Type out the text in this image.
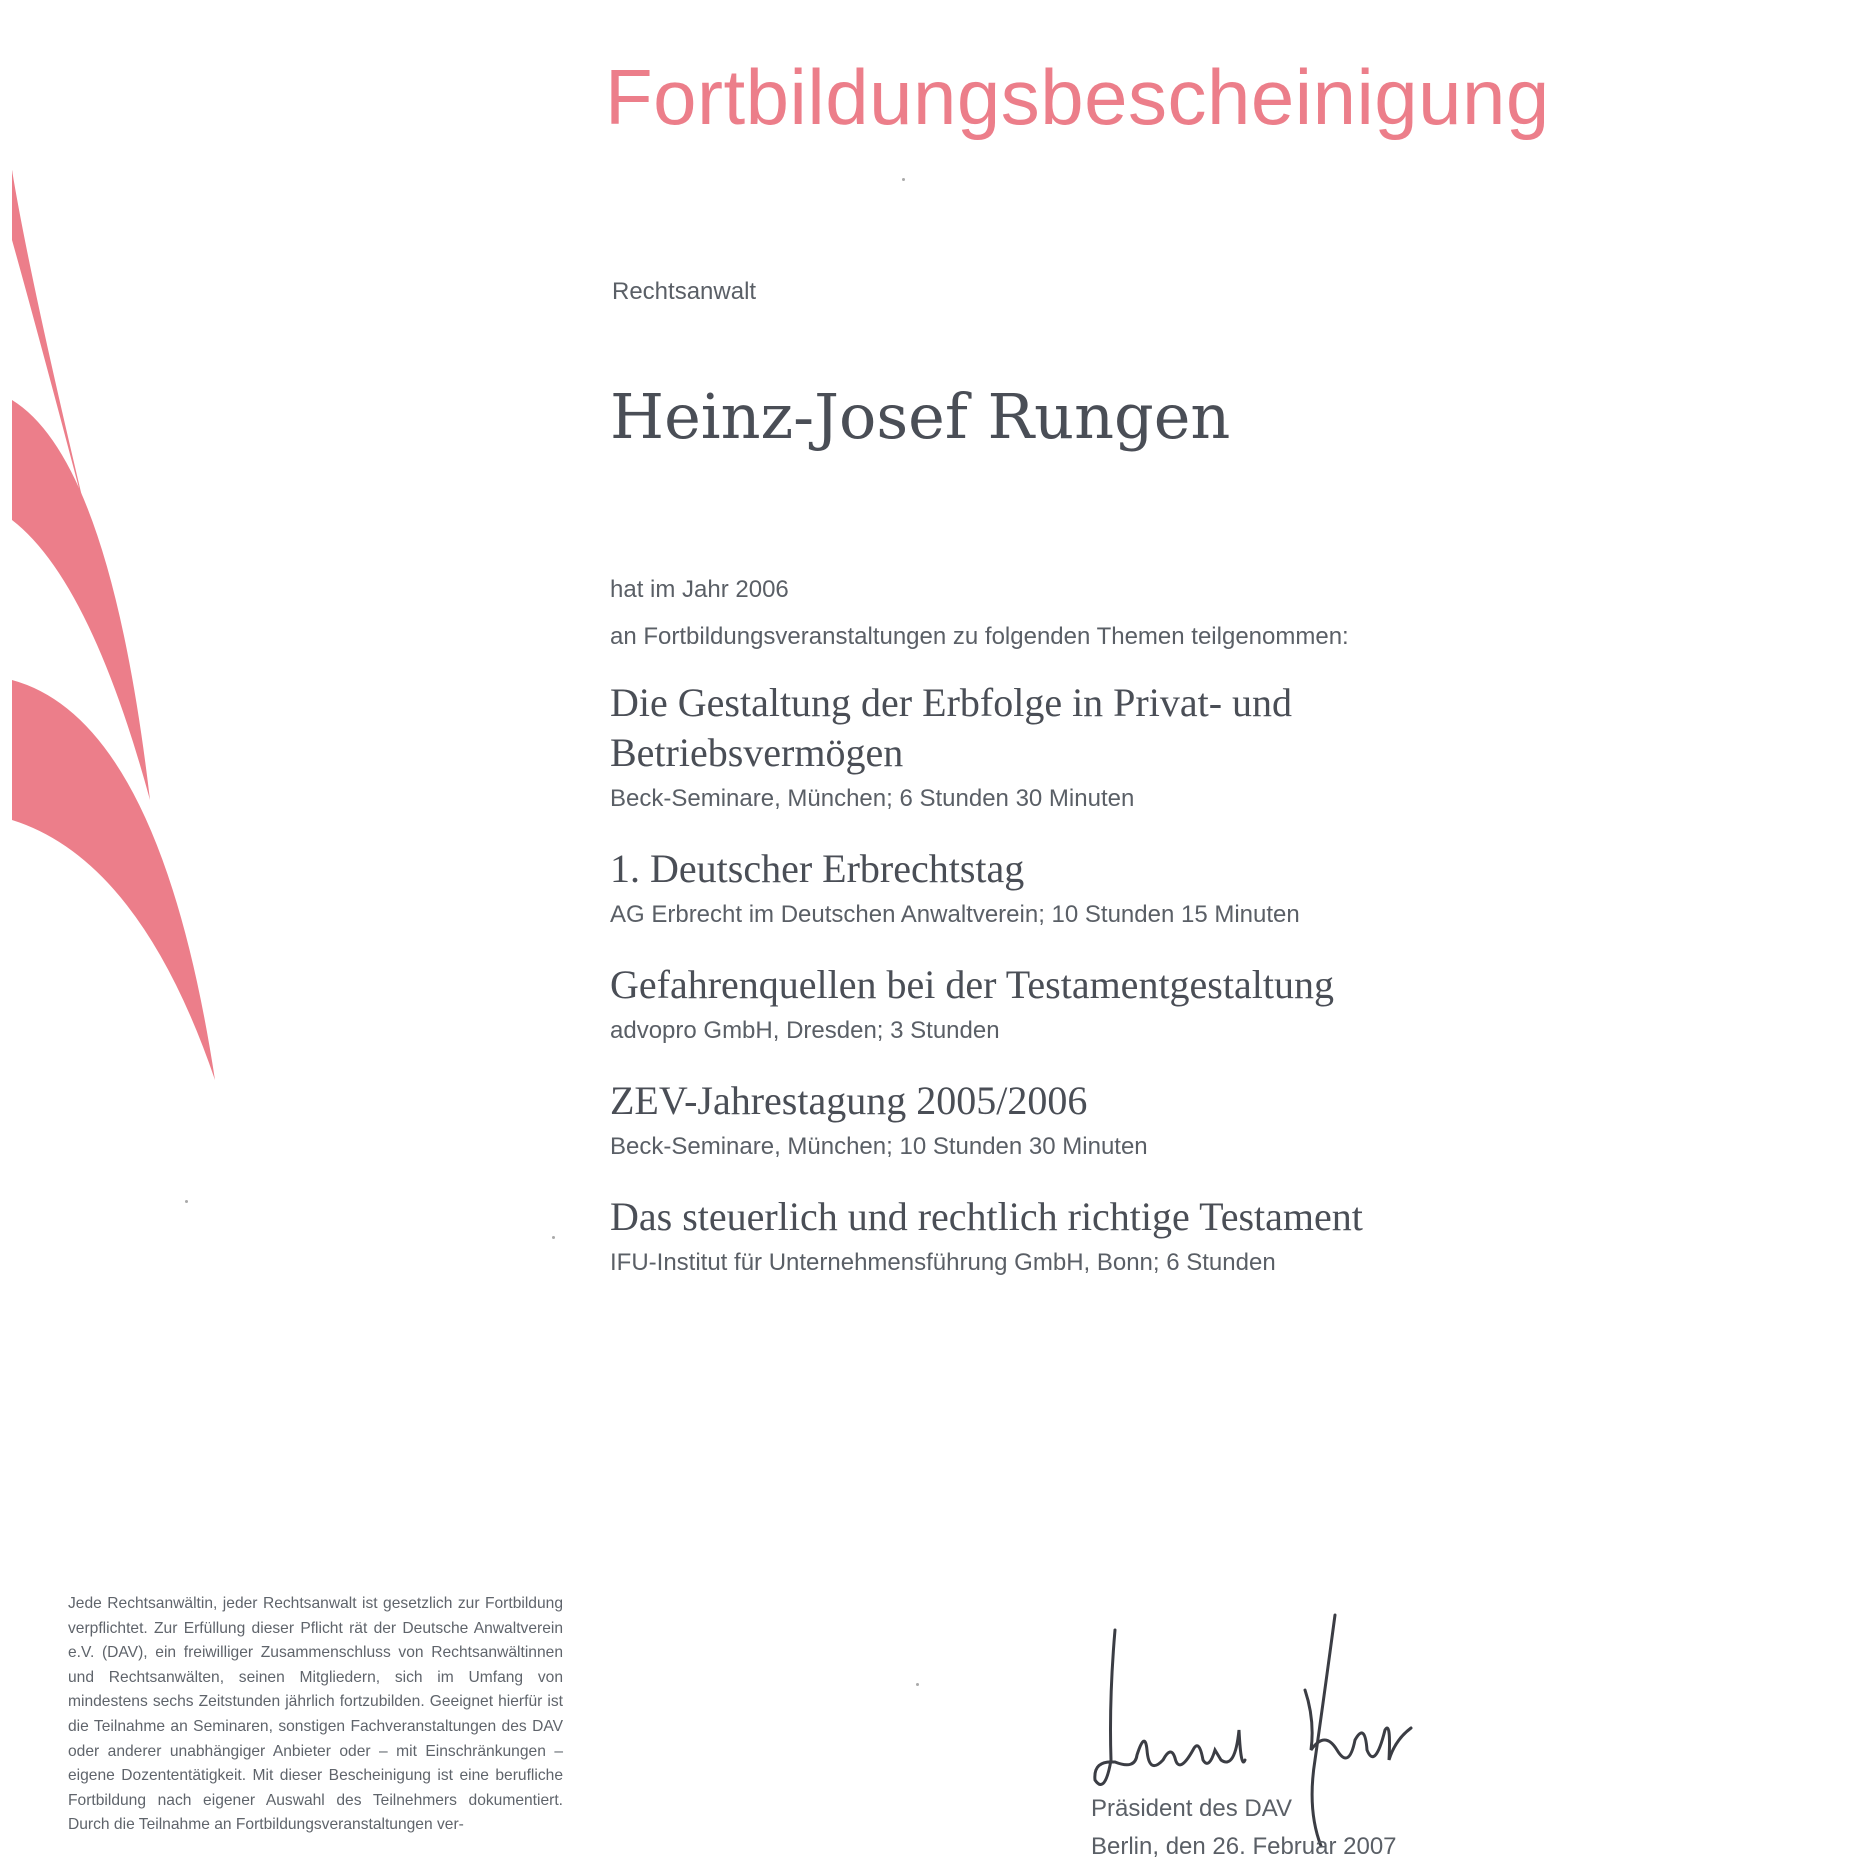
Fortbildungsbescheinigung
Rechtsanwalt
Heinz-Josef Rungen
hat im Jahr 2006
an Fortbildungsveranstaltungen zu folgenden Themen teilgenommen:
Die Gestaltung der Erbfolge in Privat- und Betriebsvermögen
Beck-Seminare, München; 6 Stunden 30 Minuten
1. Deutscher Erbrechtstag
AG Erbrecht im Deutschen Anwaltverein; 10 Stunden 15 Minuten
Gefahrenquellen bei der Testamentgestaltung
advopro GmbH, Dresden; 3 Stunden
ZEV-Jahrestagung 2005/2006
Beck-Seminare, München; 10 Stunden 30 Minuten
Das steuerlich und rechtlich richtige Testament
IFU-Institut für Unternehmensführung GmbH, Bonn; 6 Stunden
Jede Rechtsanwältin, jeder Rechtsanwalt ist gesetzlich zur Fortbildung verpflichtet. Zur Erfüllung dieser Pflicht rät der Deutsche Anwaltverein e.V. (DAV), ein freiwilliger Zusammenschluss von Rechtsanwältinnen und Rechtsanwälten, seinen Mitgliedern, sich im Umfang von mindestens sechs Zeitstunden jährlich fortzubilden. Geeignet hierfür ist die Teilnahme an Seminaren, sonstigen Fachveranstaltungen des DAV oder anderer unabhängiger Anbieter oder – mit Einschränkungen – eigene Dozententätigkeit. Mit dieser Bescheinigung ist eine berufliche Fortbildung nach eigener Auswahl des Teilnehmers dokumentiert. Durch die Teilnahme an Fortbildungsveranstaltungen ver-
Präsident des DAV
Berlin, den 26. Februar 2007
